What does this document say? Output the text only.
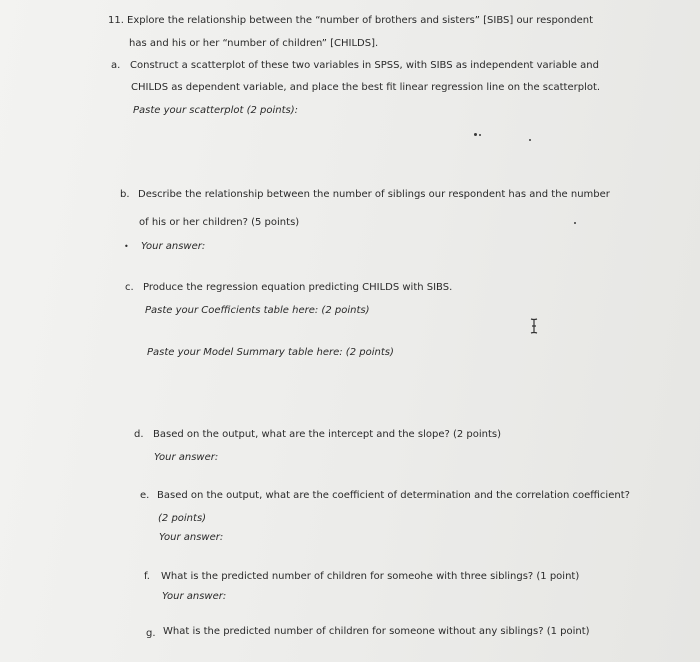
11. Explore the relationship between the “number of brothers and sisters” [SIBS] our respondent
has and his or her “number of children” [CHILDS].
a. Construct a scatterplot of these two variables in SPSS, with SIBS as independent variable and
CHILDS as dependent variable, and place the best fit linear regression line on the scatterplot.
Paste your scatterplot (2 points):
b. Describe the relationship between the number of siblings our respondent has and the number
of his or her children? (5 points)
• Your answer:
c. Produce the regression equation predicting CHILDS with SIBS.
Paste your Coefficients table here: (2 points)
Paste your Model Summary table here: (2 points)
d. Based on the output, what are the intercept and the slope? (2 points)
Your answer:
e. Based on the output, what are the coefficient of determination and the correlation coefficient?
(2 points)
Your answer:
f. What is the predicted number of children for someohe with three siblings? (1 point)
Your answer:
g. What is the predicted number of children for someone without any siblings? (1 point)
